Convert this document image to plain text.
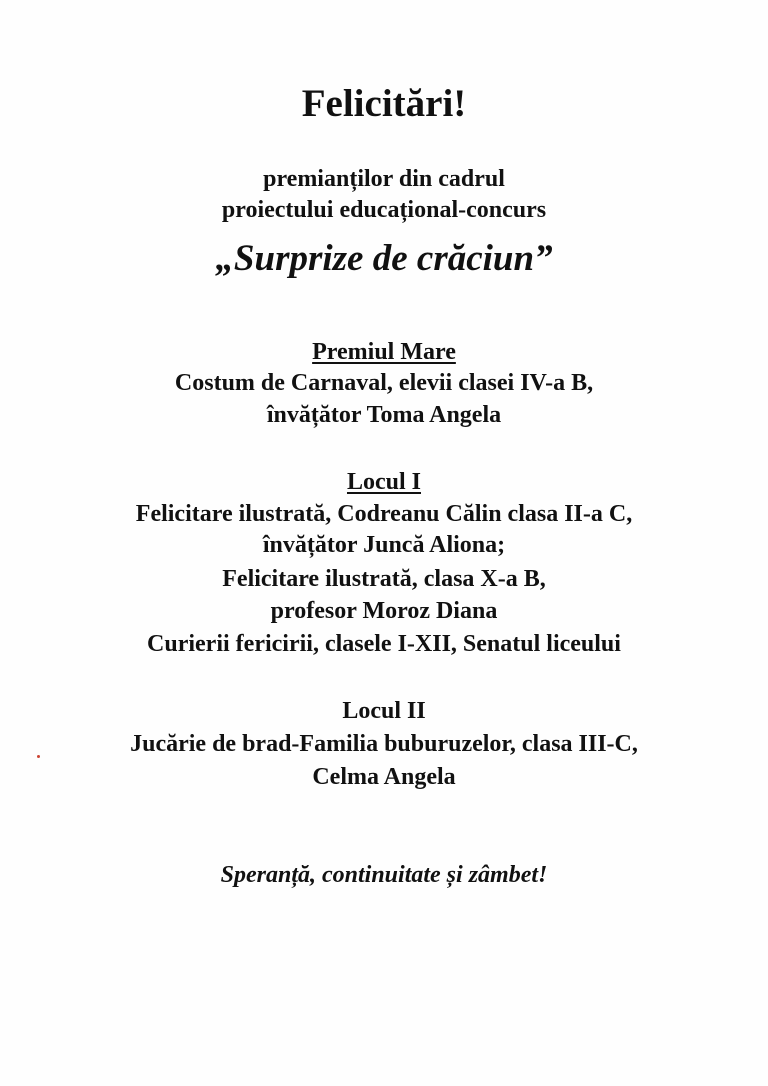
Felicitări!
premianților din cadrul
proiectului educațional-concurs
„Surprize de crăciun”
Premiul Mare
Costum de Carnaval, elevii clasei IV-a B,
învățător Toma Angela
Locul I
Felicitare ilustrată, Codreanu Călin clasa II-a C,
învățător Juncă Aliona;
Felicitare ilustrată, clasa X-a B,
profesor Moroz Diana
Curierii fericirii, clasele I-XII, Senatul liceului
Locul II
Jucărie de brad-Familia buburuzelor, clasa III-C,
Celma Angela
Speranță, continuitate și zâmbet!
